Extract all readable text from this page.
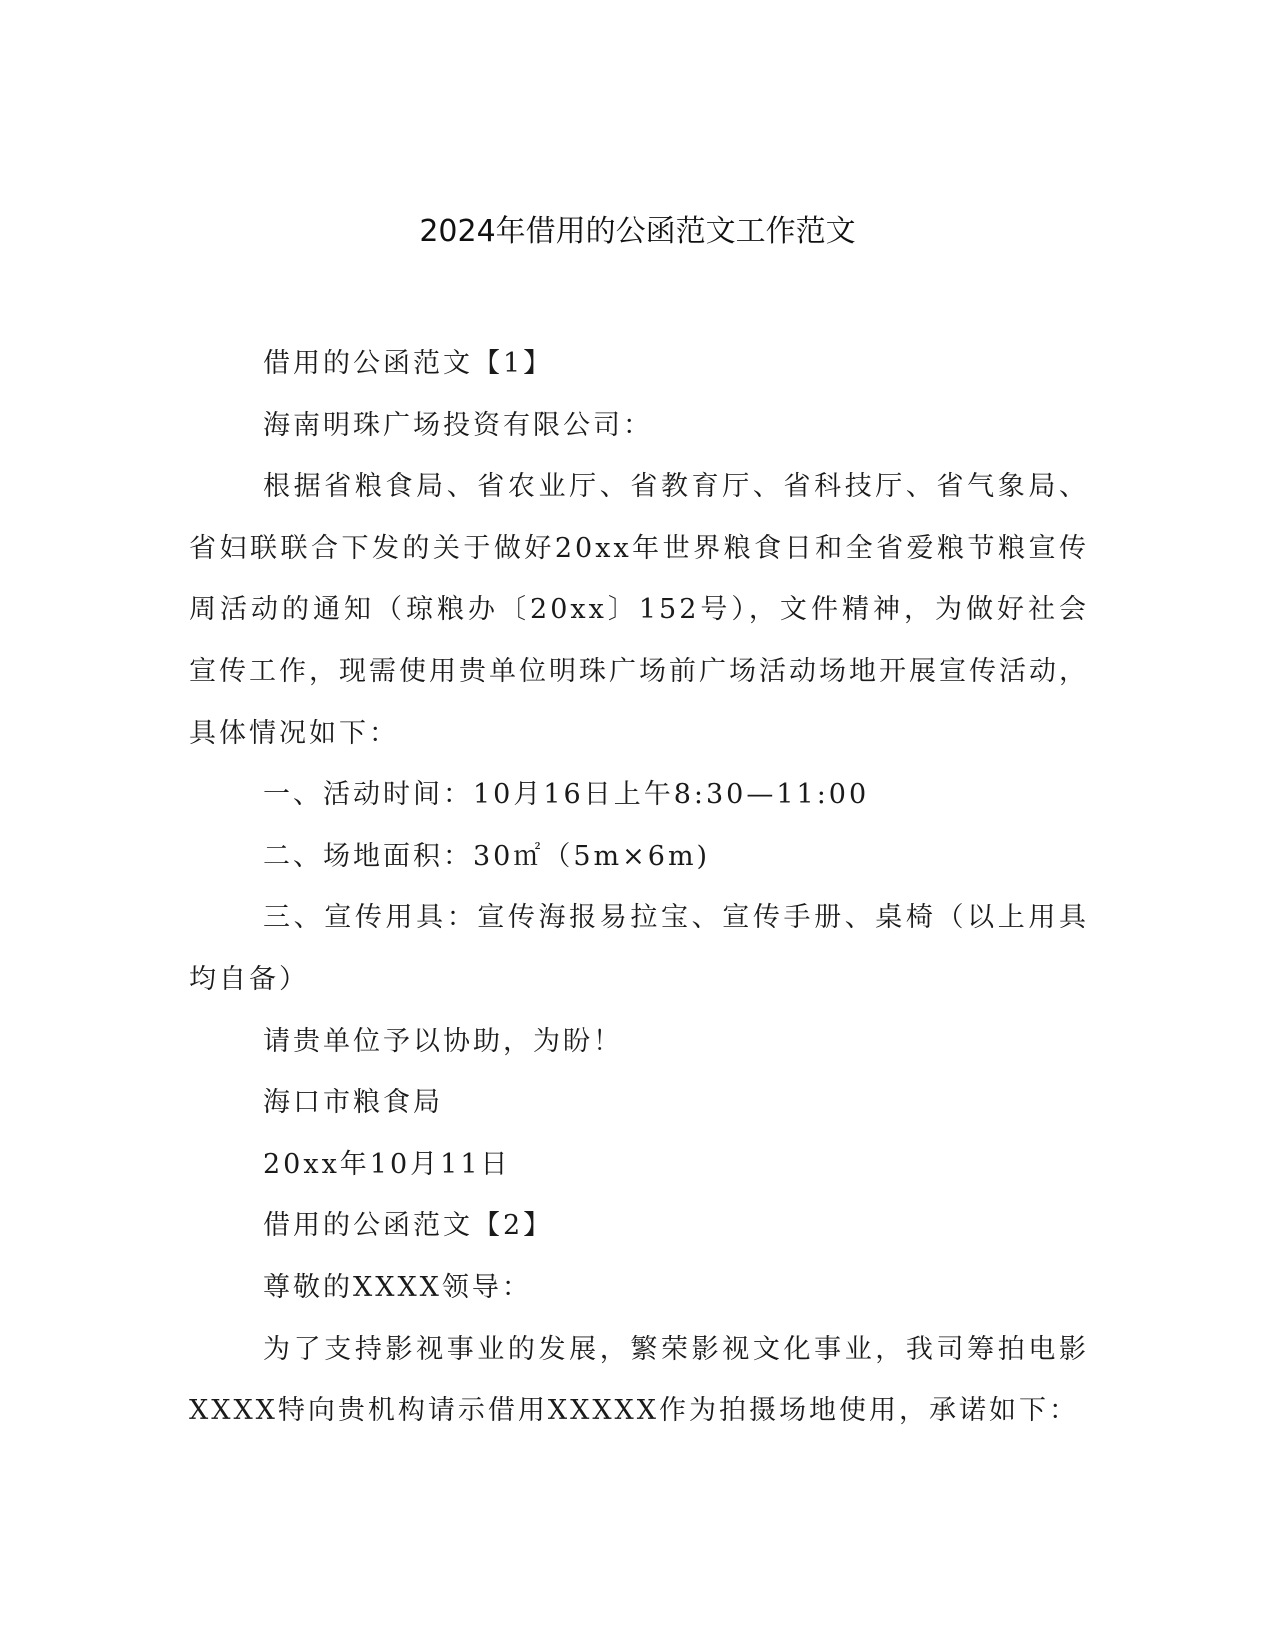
2024年借用的公函范文工作范文

借用的公函范文【1】

海南明珠广场投资有限公司：

根据省粮食局、省农业厅、省教育厅、省科技厅、省气象局、省妇联联合下发的关于做好20xx年世界粮食日和全省爱粮节粮宣传周活动的通知（琼粮办〔20xx〕152号），文件精神，为做好社会宣传工作，现需使用贵单位明珠广场前广场活动场地开展宣传活动，具体情况如下：

一、活动时间：10月16日上午8:30—11:00

二、场地面积：30㎡（5m×6m)

三、宣传用具：宣传海报易拉宝、宣传手册、桌椅（以上用具均自备）

请贵单位予以协助，为盼！

海口市粮食局

20xx年10月11日

借用的公函范文【2】

尊敬的XXXX领导：

为了支持影视事业的发展，繁荣影视文化事业，我司筹拍电影XXXX特向贵机构请示借用XXXXX作为拍摄场地使用，承诺如下：
